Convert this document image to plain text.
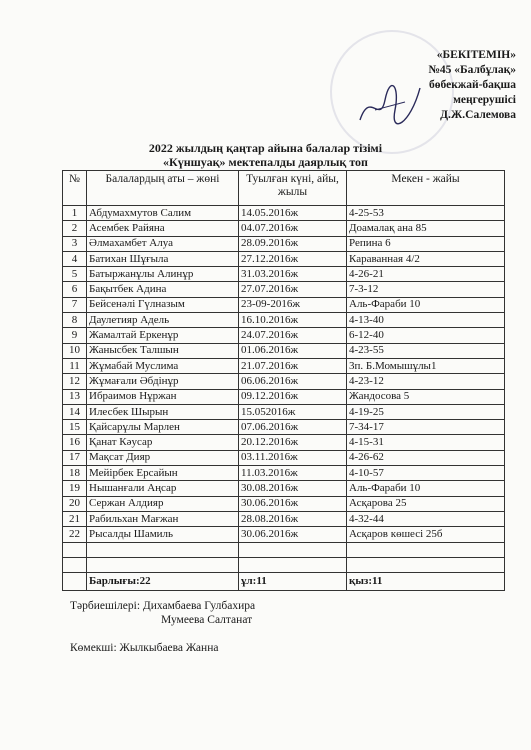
«БЕКІТЕМІН»
№45 «Балбұлақ»
бөбекжай-бақша
меңгерушісі
Д.Ж.Салемова
2022 жылдың қаңтар айына балалар тізімі
«Күншуақ» мектепалды даярлық топ
№	Балалардың аты – жөні	Туылған күні, айы, жылы	Мекен - жайы
1	Абдумахмутов Салим	14.05.2016ж	4-25-53
2	Асембек Райяна	04.07.2016ж	Доамалақ ана 85
3	Әлмахамбет Алуа	28.09.2016ж	Репина 6
4	Батихан Шұғыла	27.12.2016ж	Караванная 4/2
5	Батыржанұлы Алинұр	31.03.2016ж	4-26-21
6	Бақытбек Адина	27.07.2016ж	7-3-12
7	Бейсенәлі Гүлназым	23-09-2016ж	Аль-Фараби 10
8	Даулетияр Адель	16.10.2016ж	4-13-40
9	Жамалтай Еркенұр	24.07.2016ж	6-12-40
10	Жаныcбек Талшын	01.06.2016ж	4-23-55
11	Жұмабай Муслима	21.07.2016ж	3п. Б.Момышұлы1
12	Жұмағали Әбдінұр	06.06.2016ж	4-23-12
13	Ибраимов Нұржан	09.12.2016ж	Жандосова 5
14	Илесбек Шырын	15.052016ж	4-19-25
15	Қайсарұлы Марлен	07.06.2016ж	7-34-17
16	Қанат Кәусар	20.12.2016ж	4-15-31
17	Мақсат Дияр	03.11.2016ж	4-26-62
18	Мейірбек Ерсайын	11.03.2016ж	4-10-57
19	Нышанғали Аңсар	30.08.2016ж	Аль-Фараби 10
20	Сержан Алдияр	30.06.2016ж	Асқарова 25
21	Рабильхан Мағжан	28.08.2016ж	4-32-44
22	Рысалды Шамиль	30.06.2016ж	Асқаров көшесі 25б

	Барлығы:22	ұл:11	қыз:11
Тәрбиешілері: Дихамбаева Гулбахира
Мумеева Салтанат
Көмекші: Жылкыбаева Жанна
